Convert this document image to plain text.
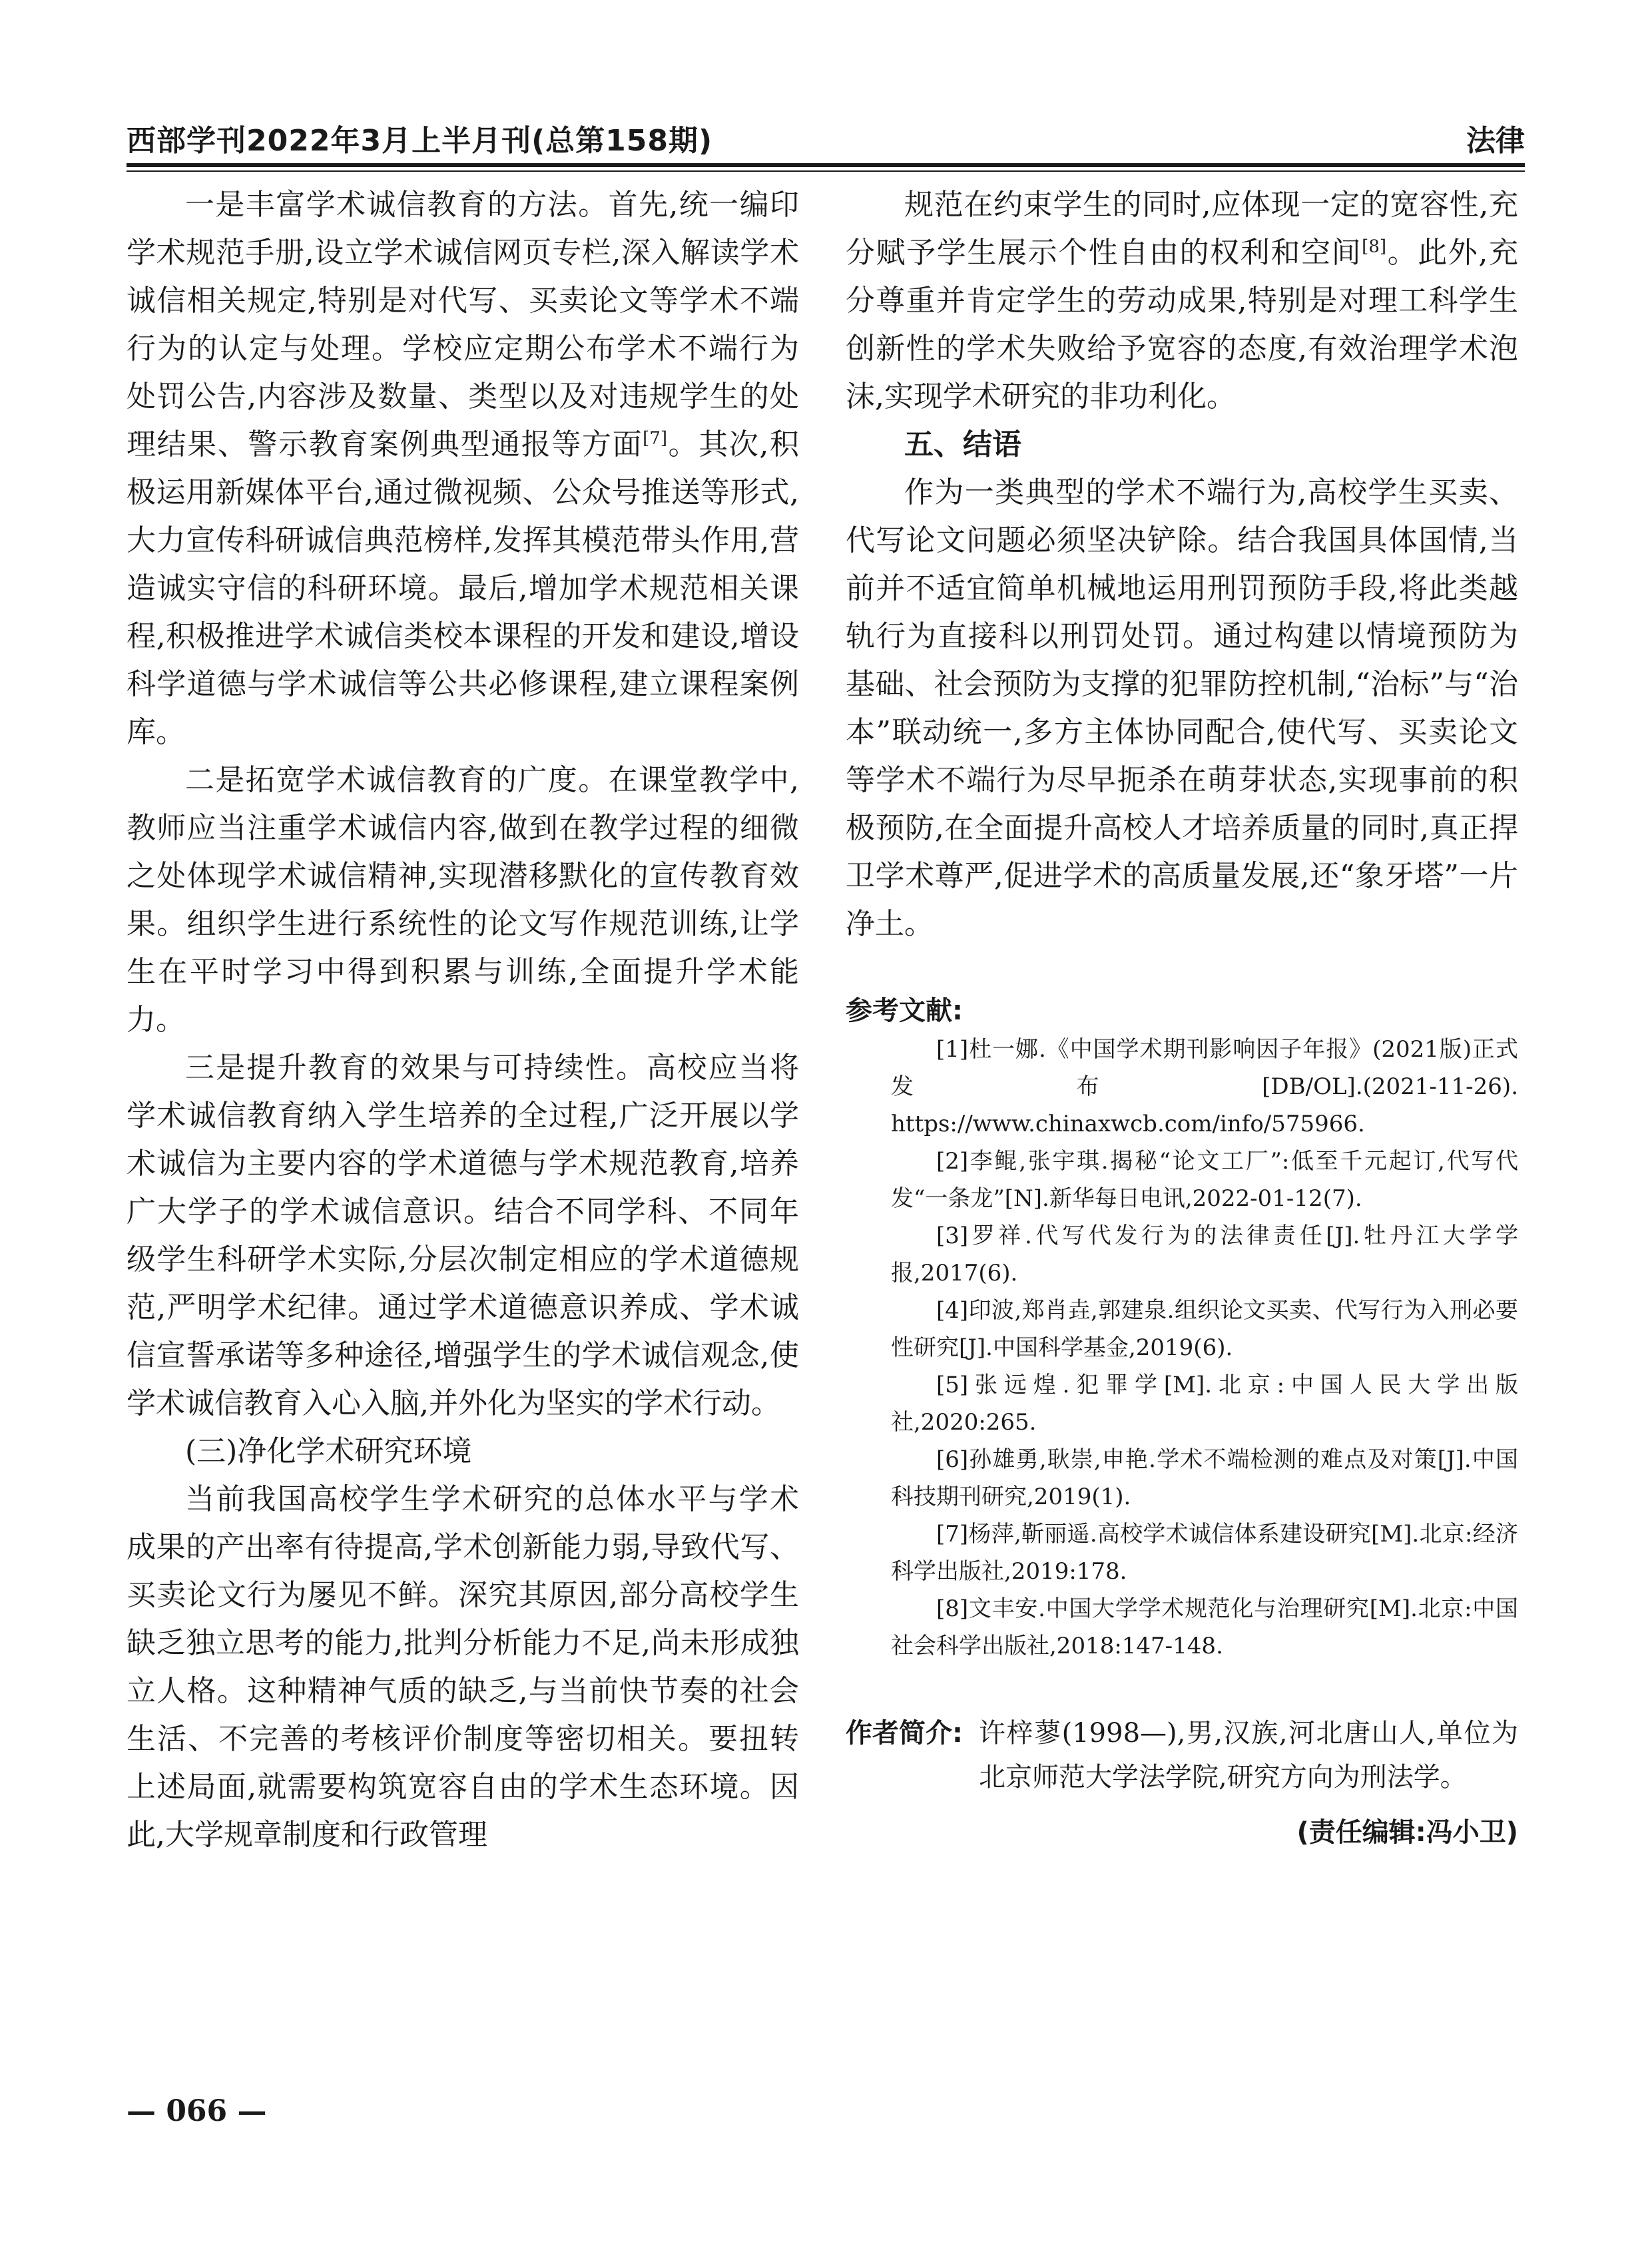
西部学刊2022年3月上半月刊(总第158期)	法律

一是丰富学术诚信教育的方法。首先,统一编印学术规范手册,设立学术诚信网页专栏,深入解读学术诚信相关规定,特别是对代写、买卖论文等学术不端行为的认定与处理。学校应定期公布学术不端行为处罚公告,内容涉及数量、类型以及对违规学生的处理结果、警示教育案例典型通报等方面[7]。其次,积极运用新媒体平台,通过微视频、公众号推送等形式,大力宣传科研诚信典范榜样,发挥其模范带头作用,营造诚实守信的科研环境。最后,增加学术规范相关课程,积极推进学术诚信类校本课程的开发和建设,增设科学道德与学术诚信等公共必修课程,建立课程案例库。

二是拓宽学术诚信教育的广度。在课堂教学中,教师应当注重学术诚信内容,做到在教学过程的细微之处体现学术诚信精神,实现潜移默化的宣传教育效果。组织学生进行系统性的论文写作规范训练,让学生在平时学习中得到积累与训练,全面提升学术能力。

三是提升教育的效果与可持续性。高校应当将学术诚信教育纳入学生培养的全过程,广泛开展以学术诚信为主要内容的学术道德与学术规范教育,培养广大学子的学术诚信意识。结合不同学科、不同年级学生科研学术实际,分层次制定相应的学术道德规范,严明学术纪律。通过学术道德意识养成、学术诚信宣誓承诺等多种途径,增强学生的学术诚信观念,使学术诚信教育入心入脑,并外化为坚实的学术行动。

(三)净化学术研究环境

当前我国高校学生学术研究的总体水平与学术成果的产出率有待提高,学术创新能力弱,导致代写、买卖论文行为屡见不鲜。深究其原因,部分高校学生缺乏独立思考的能力,批判分析能力不足,尚未形成独立人格。这种精神气质的缺乏,与当前快节奏的社会生活、不完善的考核评价制度等密切相关。要扭转上述局面,就需要构筑宽容自由的学术生态环境。因此,大学规章制度和行政管理

规范在约束学生的同时,应体现一定的宽容性,充分赋予学生展示个性自由的权利和空间[8]。此外,充分尊重并肯定学生的劳动成果,特别是对理工科学生创新性的学术失败给予宽容的态度,有效治理学术泡沫,实现学术研究的非功利化。

五、结语

作为一类典型的学术不端行为,高校学生买卖、代写论文问题必须坚决铲除。结合我国具体国情,当前并不适宜简单机械地运用刑罚预防手段,将此类越轨行为直接科以刑罚处罚。通过构建以情境预防为基础、社会预防为支撑的犯罪防控机制,“治标”与“治本”联动统一,多方主体协同配合,使代写、买卖论文等学术不端行为尽早扼杀在萌芽状态,实现事前的积极预防,在全面提升高校人才培养质量的同时,真正捍卫学术尊严,促进学术的高质量发展,还“象牙塔”一片净土。

参考文献:

[1]杜一娜.《中国学术期刊影响因子年报》(2021版)正式发布[DB/OL].(2021-11-26). https://www.chinaxwcb.com/info/575966.

[2]李鲲,张宇琪.揭秘“论文工厂”:低至千元起订,代写代发“一条龙”[N].新华每日电讯,2022-01-12(7).

[3]罗祥.代写代发行为的法律责任[J].牡丹江大学学报,2017(6).

[4]印波,郑肖垚,郭建泉.组织论文买卖、代写行为入刑必要性研究[J].中国科学基金,2019(6).

[5]张远煌.犯罪学[M].北京:中国人民大学出版社,2020:265.

[6]孙雄勇,耿崇,申艳.学术不端检测的难点及对策[J].中国科技期刊研究,2019(1).

[7]杨萍,靳丽遥.高校学术诚信体系建设研究[M].北京:经济科学出版社,2019:178.

[8]文丰安.中国大学学术规范化与治理研究[M].北京:中国社会科学出版社,2018:147-148.

作者简介: 许梓蓼(1998—),男,汉族,河北唐山人,单位为北京师范大学法学院,研究方向为刑法学。
(责任编辑:冯小卫)
— 066 —
